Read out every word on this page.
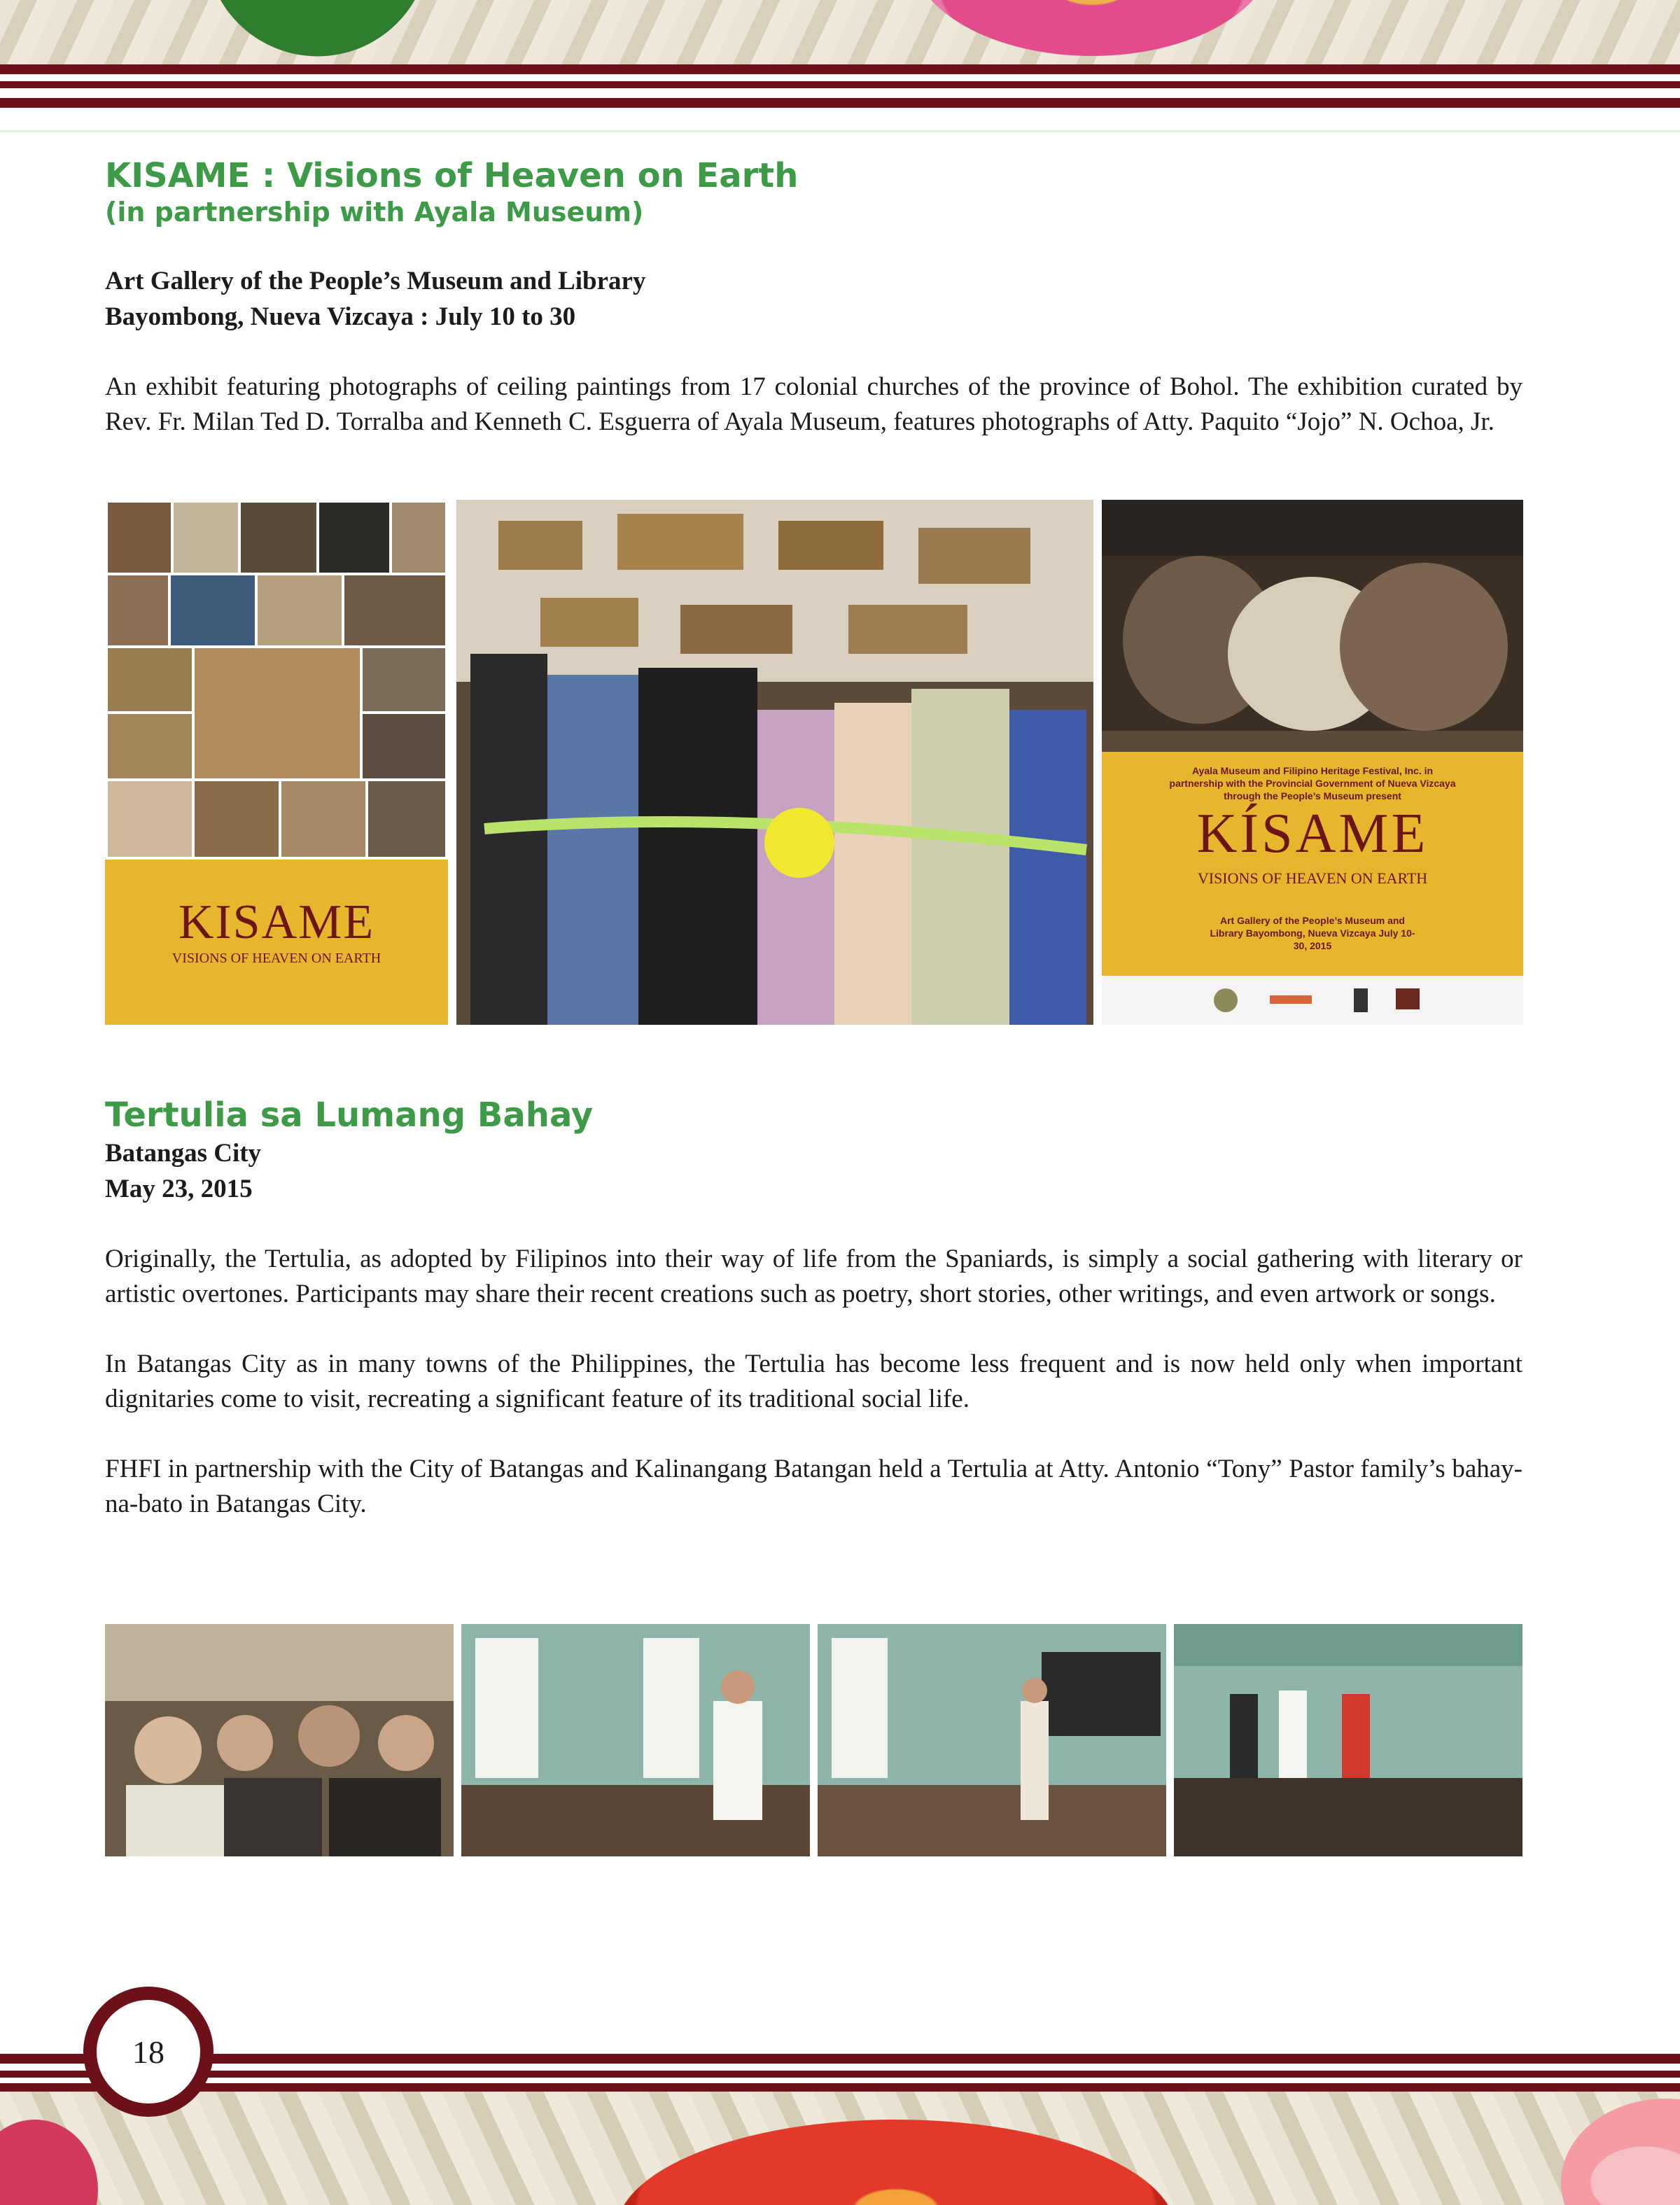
KISAME : Visions of Heaven on Earth
(in partnership with Ayala Museum)

Art Gallery of the People’s Museum and Library

Bayombong, Nueva Vizcaya : July 10 to 30

An exhibit featuring photographs of ceiling paintings from 17 colonial churches of the province of Bohol. The exhibition curated by Rev. Fr. Milan Ted D. Torralba and Kenneth C. Esguerra of Ayala Museum, features photographs of Atty. Paquito “Jojo” N. Ochoa, Jr.

KISAME
VISIONS OF HEAVEN ON EARTH
Ayala Museum and Filipino Heritage Festival, Inc. in partnership with the Provincial Government of Nueva Vizcaya through the People’s Museum present
KÍSAME
VISIONS OF HEAVEN ON EARTH
Art Gallery of the People’s Museum and Library Bayombong, Nueva Vizcaya July 10-30, 2015
Tertulia sa Lumang Bahay

Batangas City

May 23, 2015

Originally, the Tertulia, as adopted by Filipinos into their way of life from the Spaniards, is simply a social gathering with literary or artistic overtones. Participants may share their recent creations such as poetry, short stories, other writings, and even artwork or songs.

In Batangas City as in many towns of the Philippines, the Tertulia has become less frequent and is now held only when important dignitaries come to visit, recreating a significant feature of its traditional social life.

FHFI in partnership with the City of Batangas and Kalinangang Batangan held a Tertulia at Atty. Antonio “Tony” Pastor family’s bahay-na-bato in Batangas City.

18
